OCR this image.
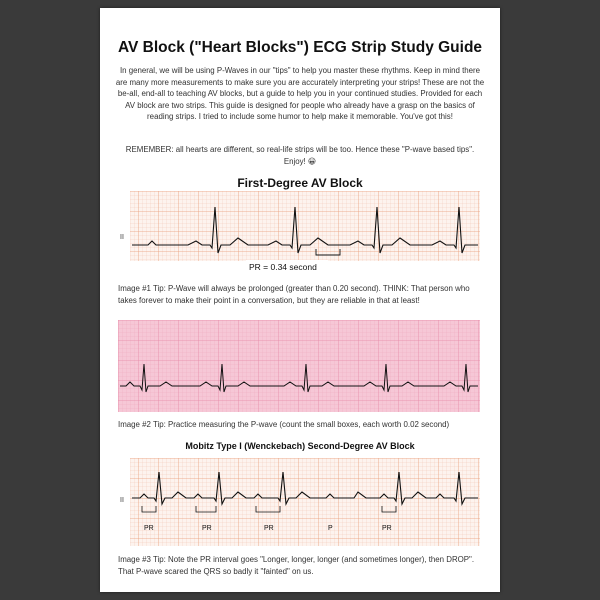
AV Block ("Heart Blocks") ECG Strip Study Guide
In general, we will be using P-Waves in our "tips" to help you master these rhythms. Keep in mind there are many more measurements to make sure you are accurately interpreting your strips! These are not the be-all, end-all to teaching AV blocks, but a guide to help you in your continued studies. Provided for each AV block are two strips. This guide is designed for people who already have a grasp on the basics of reading strips. I tried to include some humor to help make it memorable. You've got this!
REMEMBER: all hearts are different, so real-life strips will be too. Hence these "P-wave based tips". Enjoy! 😀
First-Degree AV Block
II
PR = 0.34 second
Image #1 Tip: P-Wave will always be prolonged (greater than 0.20 second). THINK: That person who takes forever to make their point in a conversation, but they are reliable in that at least!
Image #2 Tip: Practice measuring the P-wave (count the small boxes, each worth 0.02 second)
Mobitz Type I (Wenckebach) Second-Degree AV Block
II
PR	PR	PR	P	PR
Image #3 Tip: Note the PR interval goes "Longer, longer, longer (and sometimes longer), then DROP". That P-wave scared the QRS so badly it "fainted" on us.
